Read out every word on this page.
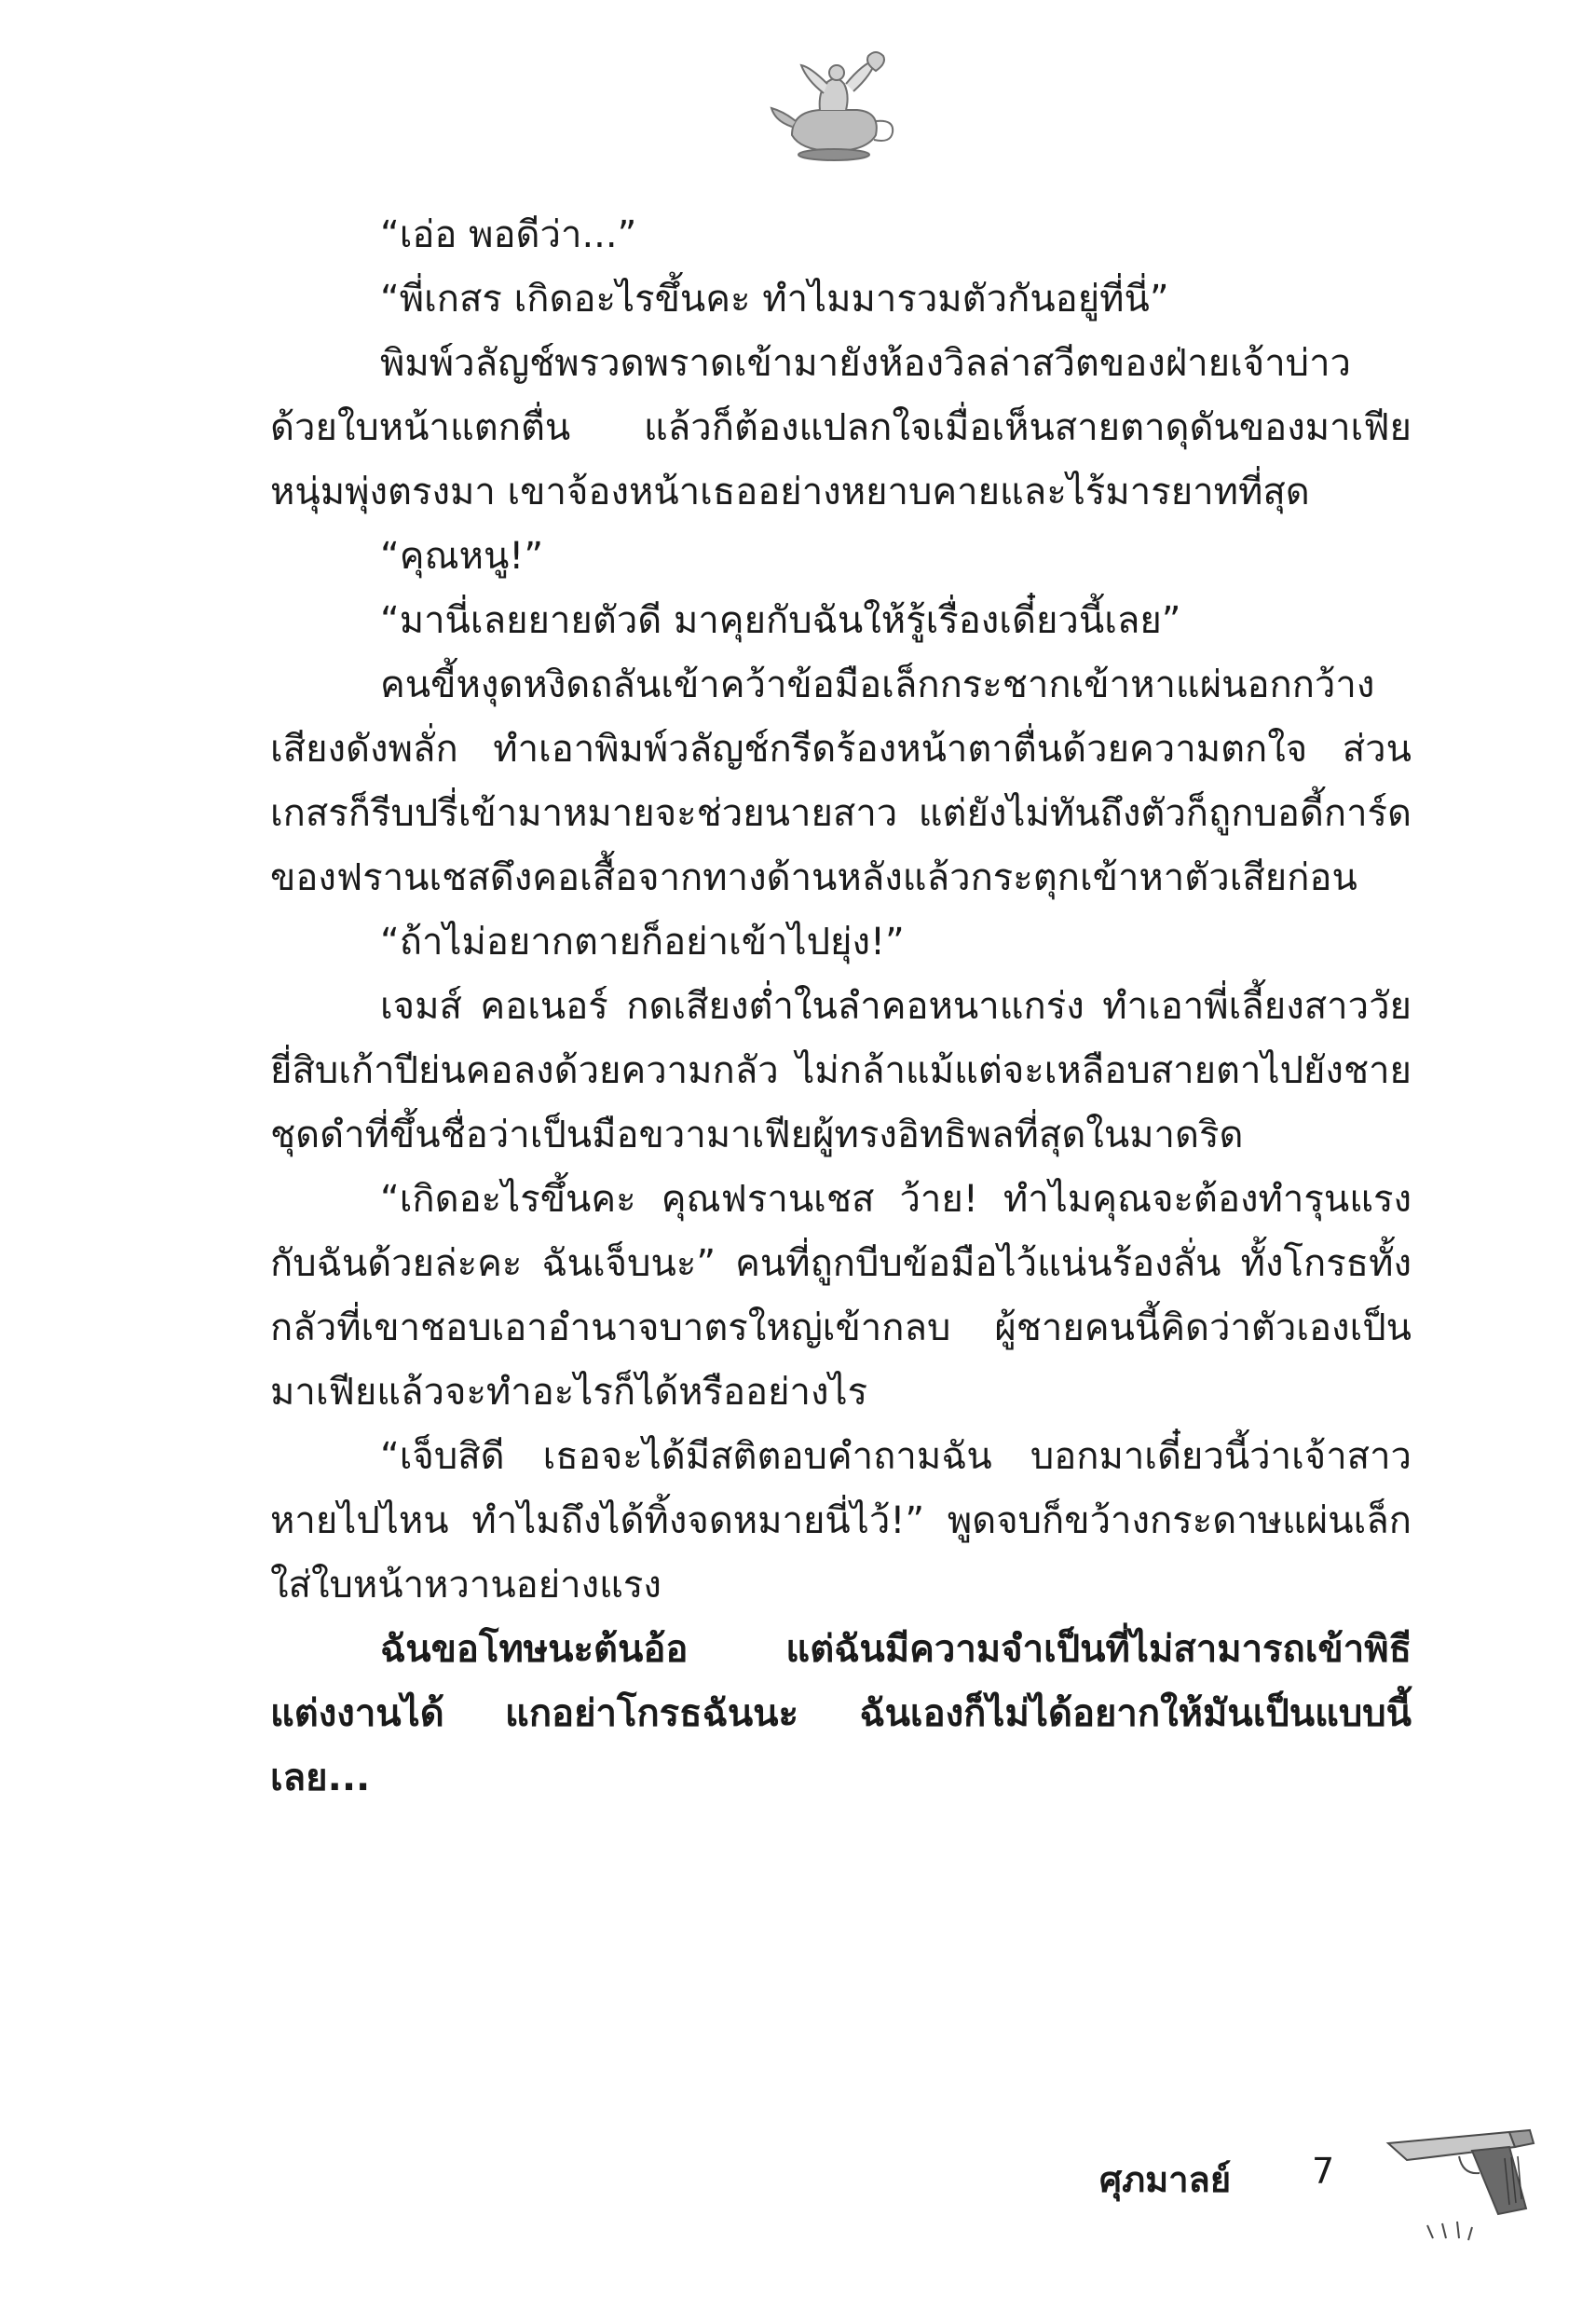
“เอ่อ พอดีว่า...”

“พี่เกสร เกิดอะไรขึ้นคะ ทำไมมารวมตัวกันอยู่ที่นี่”

พิมพ์วลัญช์พรวดพราดเข้ามายังห้องวิลล่าสวีตของฝ่ายเจ้าบ่าวด้วยใบหน้าแตกตื่น แล้วก็ต้องแปลกใจเมื่อเห็นสายตาดุดันของมาเฟียหนุ่มพุ่งตรงมา เขาจ้องหน้าเธออย่างหยาบคายและไร้มารยาทที่สุด

“คุณหนู!”

“มานี่เลยยายตัวดี มาคุยกับฉันให้รู้เรื่องเดี๋ยวนี้เลย”

คนขี้หงุดหงิดถลันเข้าคว้าข้อมือเล็กกระชากเข้าหาแผ่นอกกว้างเสียงดังพลั่ก ทำเอาพิมพ์วลัญช์กรีดร้องหน้าตาตื่นด้วยความตกใจ ส่วนเกสรก็รีบปรี่เข้ามาหมายจะช่วยนายสาว แต่ยังไม่ทันถึงตัวก็ถูกบอดี้การ์ดของฟรานเชสดึงคอเสื้อจากทางด้านหลังแล้วกระตุกเข้าหาตัวเสียก่อน

“ถ้าไม่อยากตายก็อย่าเข้าไปยุ่ง!”

เจมส์ คอเนอร์ กดเสียงต่ำในลำคอหนาแกร่ง ทำเอาพี่เลี้ยงสาววัยยี่สิบเก้าปีย่นคอลงด้วยความกลัว ไม่กล้าแม้แต่จะเหลือบสายตาไปยังชายชุดดำที่ขึ้นชื่อว่าเป็นมือขวามาเฟียผู้ทรงอิทธิพลที่สุดในมาดริด

“เกิดอะไรขึ้นคะ คุณฟรานเชส ว้าย! ทำไมคุณจะต้องทำรุนแรงกับฉันด้วยล่ะคะ ฉันเจ็บนะ” คนที่ถูกบีบข้อมือไว้แน่นร้องลั่น ทั้งโกรธทั้งกลัวที่เขาชอบเอาอำนาจบาตรใหญ่เข้ากลบ ผู้ชายคนนี้คิดว่าตัวเองเป็นมาเฟียแล้วจะทำอะไรก็ได้หรืออย่างไร

“เจ็บสิดี เธอจะได้มีสติตอบคำถามฉัน บอกมาเดี๋ยวนี้ว่าเจ้าสาวหายไปไหน ทำไมถึงได้ทิ้งจดหมายนี่ไว้!” พูดจบก็ขว้างกระดาษแผ่นเล็กใส่ใบหน้าหวานอย่างแรง

ฉันขอโทษนะต้นอ้อ แต่ฉันมีความจำเป็นที่ไม่สามารถเข้าพิธีแต่งงานได้ แกอย่าโกรธฉันนะ ฉันเองก็ไม่ได้อยากให้มันเป็นแบบนี้เลย...

ศุภมาลย์ 7
